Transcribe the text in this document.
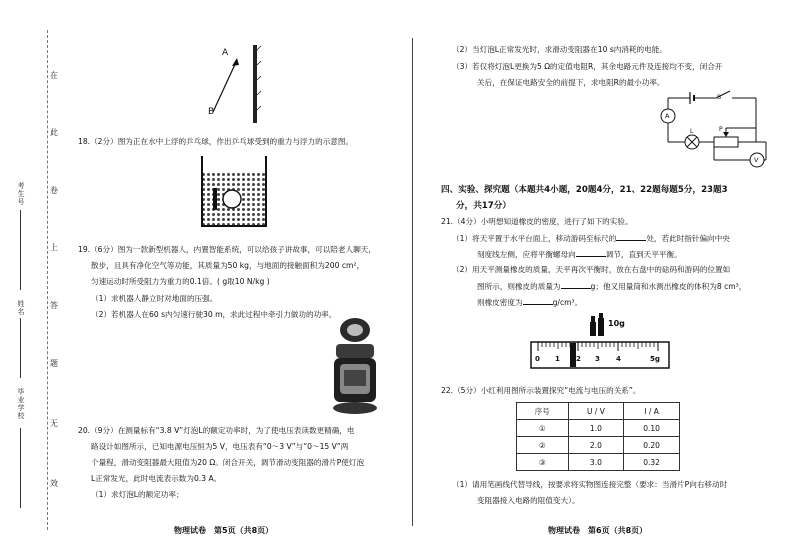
在
此
卷
上
答
题
无
效
考生号
姓名
毕业学校
A
B
18.（2分）图为正在水中上浮的乒乓球，作出乒乓球受到的重力与浮力的示意图。
19.（6分）图为一款新型机器人，内置智能系统，可以给孩子讲故事，可以陪老人聊天，
散步，且具有净化空气等功能，其质量为50 kg，与地面的接触面积为200 cm²，
匀速运动时所受阻力为重力的0.1倍。( g取10 N/kg )
（1）求机器人静立时对地面的压强。
（2）若机器人在60 s内匀速行驶30 m，求此过程中牵引力做功的功率。
20.（9分）在测量标有“3.8 V”灯泡L的额定功率时，为了使电压表读数更精确，电
路设计如图所示，已知电源电压恒为5 V，电压表有“0～3 V”与“0～15 V”两
个量程，滑动变阻器最大阻值为20 Ω。闭合开关，调节滑动变阻器的滑片P使灯泡
L正常发光，此时电流表示数为0.3 A。
（1）求灯泡L的额定功率；
物理试卷　第5页（共8页）
（2）当灯泡L正常发光时，求滑动变阻器在10 s内消耗的电能。
（3）若仅将灯泡L更换为5 Ω的定值电阻R，其余电路元件及连接均不变，闭合开
关后，在保证电路安全的前提下，求电阻R的最小功率。
S
A
L	P
V
四、实验、探究题（本题共4小题，20题4分，21、22题每题5分，23题3
分，共17分）
21.（4分）小明想知道橡皮的密度，进行了如下的实验。
（1）将天平置于水平台面上，移动游码至标尺的	处，若此时指针偏向中央
刻度线左侧，应将平衡螺母向	调节，直到天平平衡。
（2）用天平测量橡皮的质量，天平再次平衡时，放在右盘中的砝码和游码的位置如
图所示，则橡皮的质量为	g；他又用量筒和水测出橡皮的体积为8 cm³，
则橡皮密度为	g/cm³。
10g
0 1 2 3 4	5g
22.（5分）小红利用图所示装置探究“电流与电压的关系”。
序号	U / V	I / A
①	1.0	0.10
②	2.0	0.20
③	3.0	0.32
（1）请用笔画线代替导线，按要求将实物图连接完整（要求：当滑片P向右移动时
变阻器接入电路的阻值变大）。
物理试卷　第6页（共8页）
